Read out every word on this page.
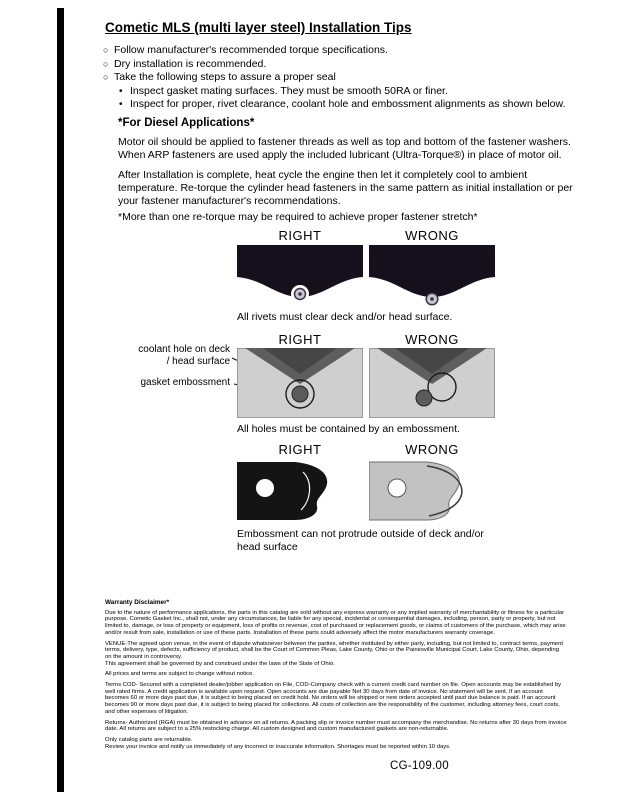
Cometic MLS (multi layer steel) Installation Tips
○ Follow manufacturer's recommended torque specifications.
○ Dry installation is recommended.
○ Take the following steps to assure a proper seal
• Inspect gasket mating surfaces. They must be smooth 50RA or finer.
• Inspect for proper, rivet clearance, coolant hole and embossment alignments as shown below.
*For Diesel Applications*
Motor oil should be applied to fastener threads as well as top and bottom of the fastener washers. When ARP fasteners are used apply the included lubricant (Ultra-Torque®) in place of motor oil.
After Installation is complete, heat cycle the engine then let it completely cool to ambient temperature. Re-torque the cylinder head fasteners in the same pattern as initial installation or per your fastener manufacturer's recommendations.
*More than one re-torque may be required to achieve proper fastener stretch*
RIGHT	WRONG
All rivets must clear deck and/or head surface.
RIGHT	WRONG
coolant hole on deck / head surface
gasket embossment
All holes must be contained by an embossment.
RIGHT	WRONG
Embossment can not protrude outside of deck and/or head surface

Warranty Disclaimer*

Due to the nature of performance applications, the parts in this catalog are sold without any express warranty or any implied warranty of merchantability or fitness for a particular purpose. Cometic Gasket Inc., shall not, under any circumstances, be liable for any special, incidental or consequential damages, including, person, party or property, but not limited to, damage, or loss of property or equipment, loss of profits or revenue, cost of purchased or replacement goods, or claims of customers of the purchase, which may arise and/or result from sale, installation or use of these parts. Installation of these parts could adversely affect the motor manufacturers warranty coverage.

VENUE-The agreed upon venue, in the event of dispute whatsoever between the parties, whether instituted by either party, including, but not limited to, contract terms, payment terms, delivery, type, defects, sufficiency of product, shall be the Court of Common Pleas, Lake County, Ohio or the Painesville Municipal Court, Lake County, Ohio, depending on the amount in controversy.

This agreement shall be governed by and construed under the laws of the State of Ohio.

All prices and terms are subject to change without notice.

Terms COD- Secured with a completed dealer/jobber application on File, COD-Company check with a current credit card number on file. Open accounts may be established by well rated firms. A credit application is available upon request. Open accounts are due payable Net 30 days from date of invoice. No statement will be sent. If an account becomes 60 or more days past due, it is subject to being placed on credit hold. No orders will be shipped or new orders accepted until past due balance is paid. If an account becomes 90 or more days past due, it is subject to being placed for collections. All costs of collection are the responsibility of the customer, including attorney fees, court costs, and other expenses of litigation.

Returns- Authorized (RGA) must be obtained in advance on all returns. A packing slip or invoice number must accompany the merchandise. No returns after 30 days from invoice date. All returns are subject to a 25% restocking charge. All custom designed and custom manufactured gaskets are non-returnable.

Only catalog parts are returnable.

Review your invoice and notify us immediately of any incorrect or inaccurate information. Shortages must be reported within 10 days.

CG-109.00
